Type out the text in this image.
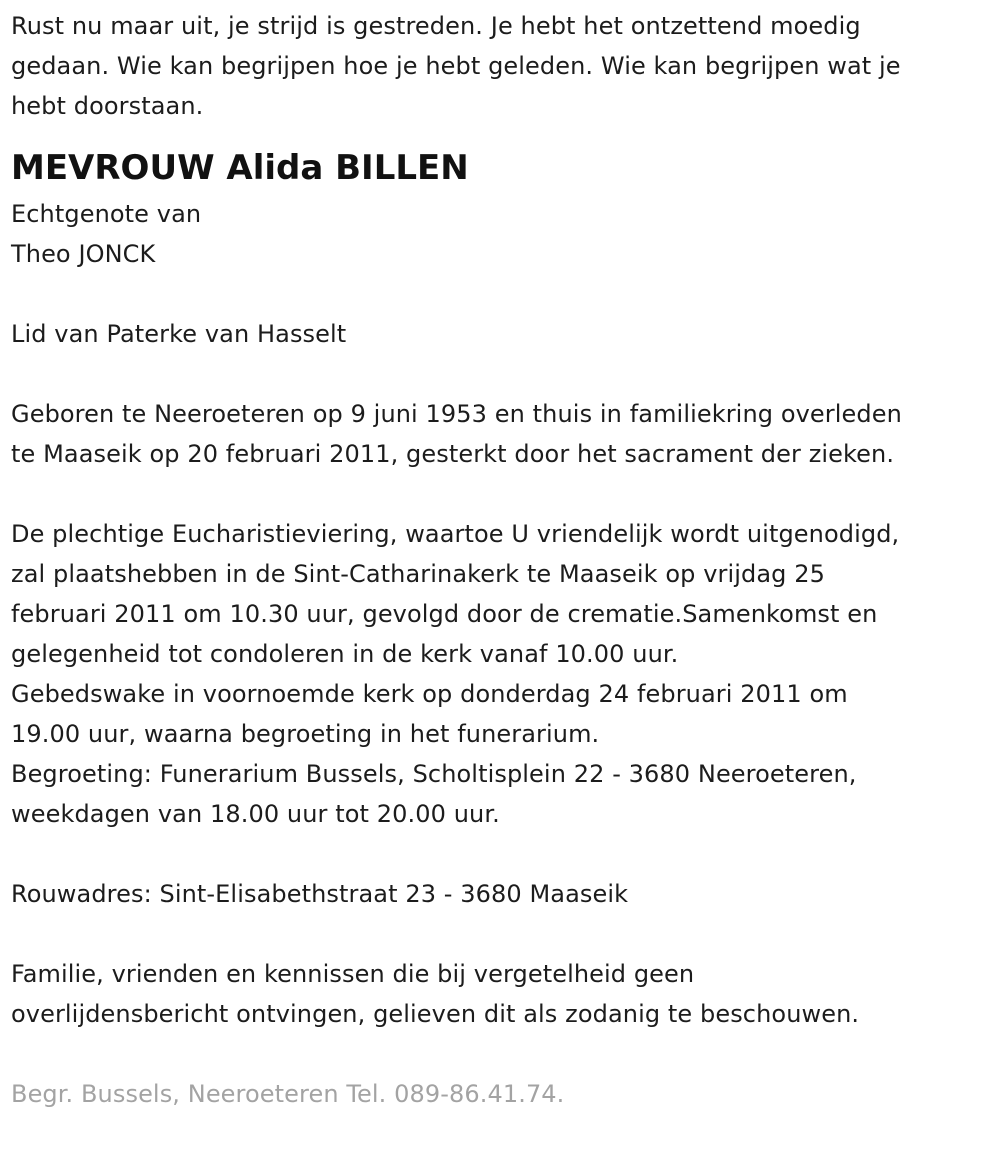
Rust nu maar uit, je strijd is gestreden. Je hebt het ontzettend moedig
gedaan. Wie kan begrijpen hoe je hebt geleden. Wie kan begrijpen wat je
hebt doorstaan.

MEVROUW Alida BILLEN

Echtgenote van
Theo JONCK

Lid van Paterke van Hasselt

Geboren te Neeroeteren op 9 juni 1953 en thuis in familiekring overleden
te Maaseik op 20 februari 2011, gesterkt door het sacrament der zieken.

De plechtige Eucharistieviering, waartoe U vriendelijk wordt uitgenodigd,
zal plaatshebben in de Sint-Catharinakerk te Maaseik op vrijdag 25
februari 2011 om 10.30 uur, gevolgd door de crematie.Samenkomst en
gelegenheid tot condoleren in de kerk vanaf 10.00 uur.
Gebedswake in voornoemde kerk op donderdag 24 februari 2011 om
19.00 uur, waarna begroeting in het funerarium.
Begroeting: Funerarium Bussels, Scholtisplein 22 - 3680 Neeroeteren,
weekdagen van 18.00 uur tot 20.00 uur.

Rouwadres: Sint-Elisabethstraat 23 - 3680 Maaseik

Familie, vrienden en kennissen die bij vergetelheid geen
overlijdensbericht ontvingen, gelieven dit als zodanig te beschouwen.

Begr. Bussels, Neeroeteren Tel. 089-86.41.74.
